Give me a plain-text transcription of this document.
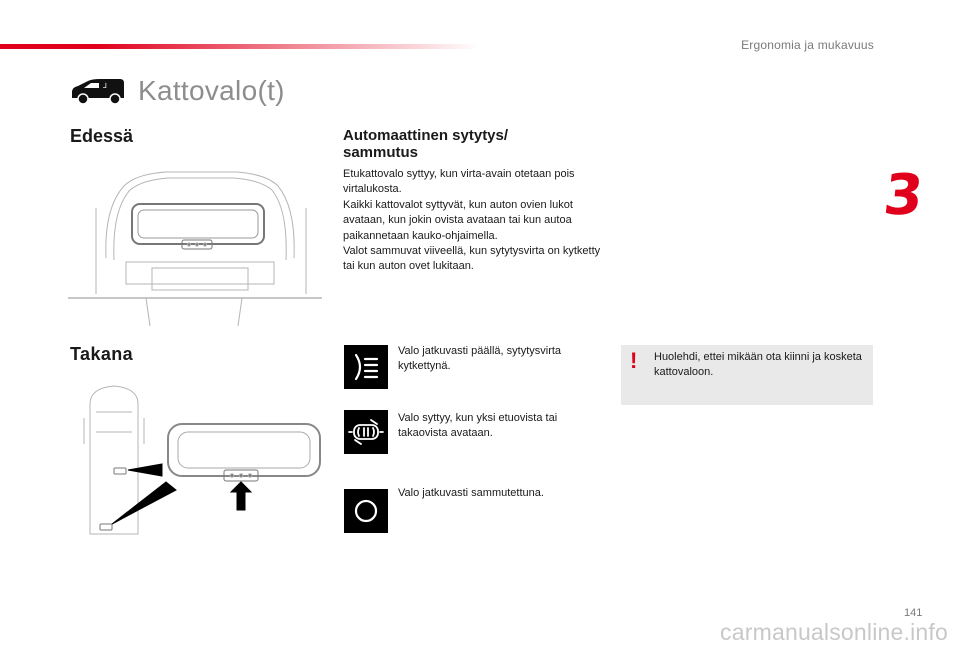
Ergonomia ja mukavuus
3
⅃ Kattovalo(t)
Edessä
Takana
Automaattinen sytytys/ sammutus

Etukattovalo syttyy, kun virta-avain otetaan pois virtalukosta.

Kaikki kattovalot syttyvät, kun auton ovien lukot avataan, kun jokin ovista avataan tai kun autoa paikannetaan kauko-ohjaimella.

Valot sammuvat viiveellä, kun sytytysvirta on kytketty tai kun auton ovet lukitaan.

Valo jatkuvasti päällä, sytytysvirta kytkettynä.
Valo syttyy, kun yksi etuovista tai takaovista avataan.
Valo jatkuvasti sammutettuna.
! Huolehdi, ettei mikään ota kiinni ja kosketa kattovaloon.
141
carmanualsonline.info
